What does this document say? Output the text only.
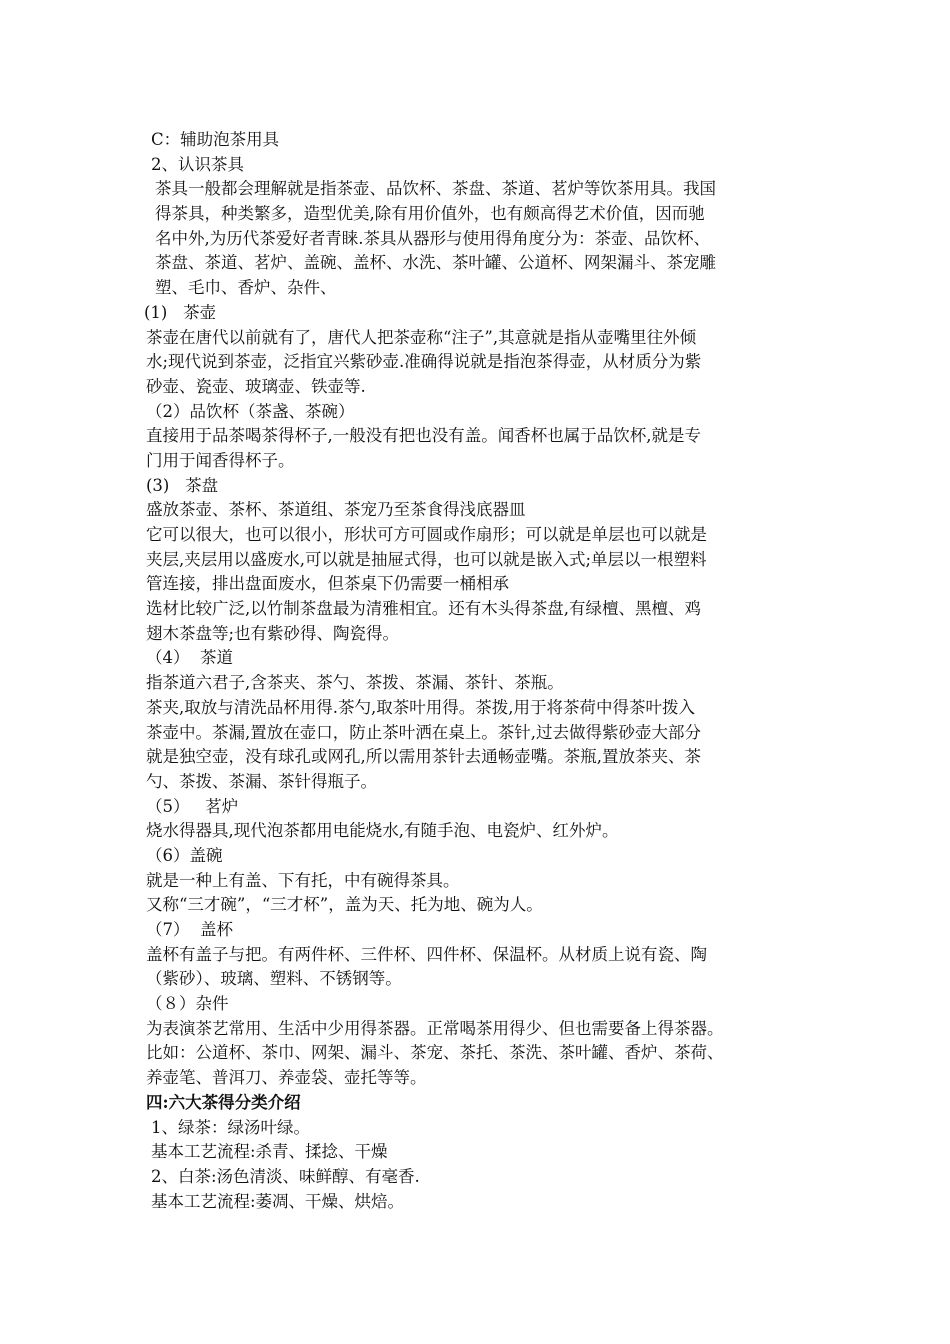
C：辅助泡茶用具
2、认识茶具
茶具一般都会理解就是指茶壶、品饮杯、茶盘、茶道、茗炉等饮茶用具。我国
得茶具，种类繁多，造型优美,除有用价值外，也有颇高得艺术价值，因而驰
名中外,为历代茶爱好者青睐.茶具从器形与使用得角度分为：茶壶、品饮杯、
茶盘、茶道、茗炉、盖碗、盖杯、水洗、茶叶罐、公道杯、网架漏斗、茶宠雕
塑、毛巾、香炉、杂件、
(1)   茶壶
茶壶在唐代以前就有了，唐代人把茶壶称“注子”,其意就是指从壶嘴里往外倾
水;现代说到茶壶，泛指宜兴紫砂壶.准确得说就是指泡茶得壶，从材质分为紫
砂壶、瓷壶、玻璃壶、铁壶等.
（2）品饮杯（茶盏、茶碗）
直接用于品茶喝茶得杯子,一般没有把也没有盖。闻香杯也属于品饮杯,就是专
门用于闻香得杯子。
(3)   茶盘
盛放茶壶、茶杯、茶道组、茶宠乃至茶食得浅底器皿
它可以很大，也可以很小，形状可方可圆或作扇形；可以就是单层也可以就是
夹层,夹层用以盛废水,可以就是抽屉式得，也可以就是嵌入式;单层以一根塑料
管连接，排出盘面废水，但茶桌下仍需要一桶相承
选材比较广泛,以竹制茶盘最为清雅相宜。还有木头得茶盘,有绿檀、黑檀、鸡
翅木茶盘等;也有紫砂得、陶瓷得。
（4）  茶道
指茶道六君子,含茶夹、茶勺、茶拨、茶漏、茶针、茶瓶。
茶夹,取放与清洗品杯用得.茶勺,取茶叶用得。茶拨,用于将茶荷中得茶叶拨入
茶壶中。茶漏,置放在壶口，防止茶叶洒在桌上。茶针,过去做得紫砂壶大部分
就是独空壶，没有球孔或网孔,所以需用茶针去通畅壶嘴。茶瓶,置放茶夹、茶
勺、茶拨、茶漏、茶针得瓶子。
（5）   茗炉
烧水得器具,现代泡茶都用电能烧水,有随手泡、电瓷炉、红外炉。
（6）盖碗
就是一种上有盖、下有托，中有碗得茶具。
又称“三才碗”，“三才杯”，盖为天、托为地、碗为人。
（7）  盖杯
盖杯有盖子与把。有两件杯、三件杯、四件杯、保温杯。从材质上说有瓷、陶
（紫砂）、玻璃、塑料、不锈钢等。
（８）杂件
为表演茶艺常用、生活中少用得茶器。正常喝茶用得少、但也需要备上得茶器。
比如：公道杯、茶巾、网架、漏斗、茶宠、茶托、茶洗、茶叶罐、香炉、茶荷、
养壶笔、普洱刀、养壶袋、壶托等等。
四:六大茶得分类介绍
1、绿茶：绿汤叶绿。
基本工艺流程:杀青、揉捻、干燥
2、白茶:汤色清淡、味鲜醇、有毫香.
基本工艺流程:萎凋、干燥、烘焙。
